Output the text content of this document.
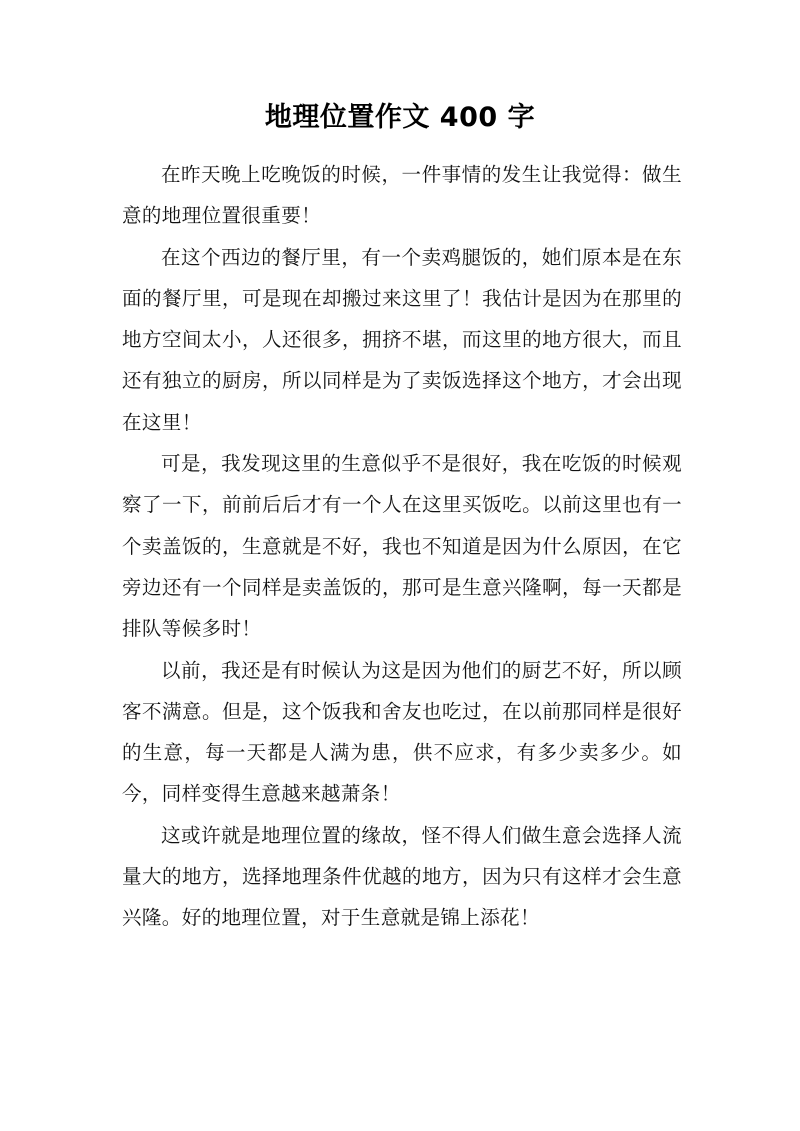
地理位置作文 400 字

在昨天晚上吃晚饭的时候，一件事情的发生让我觉得：做生意的地理位置很重要！

在这个西边的餐厅里，有一个卖鸡腿饭的，她们原本是在东面的餐厅里，可是现在却搬过来这里了！我估计是因为在那里的地方空间太小，人还很多，拥挤不堪，而这里的地方很大，而且还有独立的厨房，所以同样是为了卖饭选择这个地方，才会出现在这里！

可是，我发现这里的生意似乎不是很好，我在吃饭的时候观察了一下，前前后后才有一个人在这里买饭吃。以前这里也有一个卖盖饭的，生意就是不好，我也不知道是因为什么原因，在它旁边还有一个同样是卖盖饭的，那可是生意兴隆啊，每一天都是排队等候多时！

以前，我还是有时候认为这是因为他们的厨艺不好，所以顾客不满意。但是，这个饭我和舍友也吃过，在以前那同样是很好的生意，每一天都是人满为患，供不应求，有多少卖多少。如今，同样变得生意越来越萧条！

这或许就是地理位置的缘故，怪不得人们做生意会选择人流量大的地方，选择地理条件优越的地方，因为只有这样才会生意兴隆。好的地理位置，对于生意就是锦上添花！
